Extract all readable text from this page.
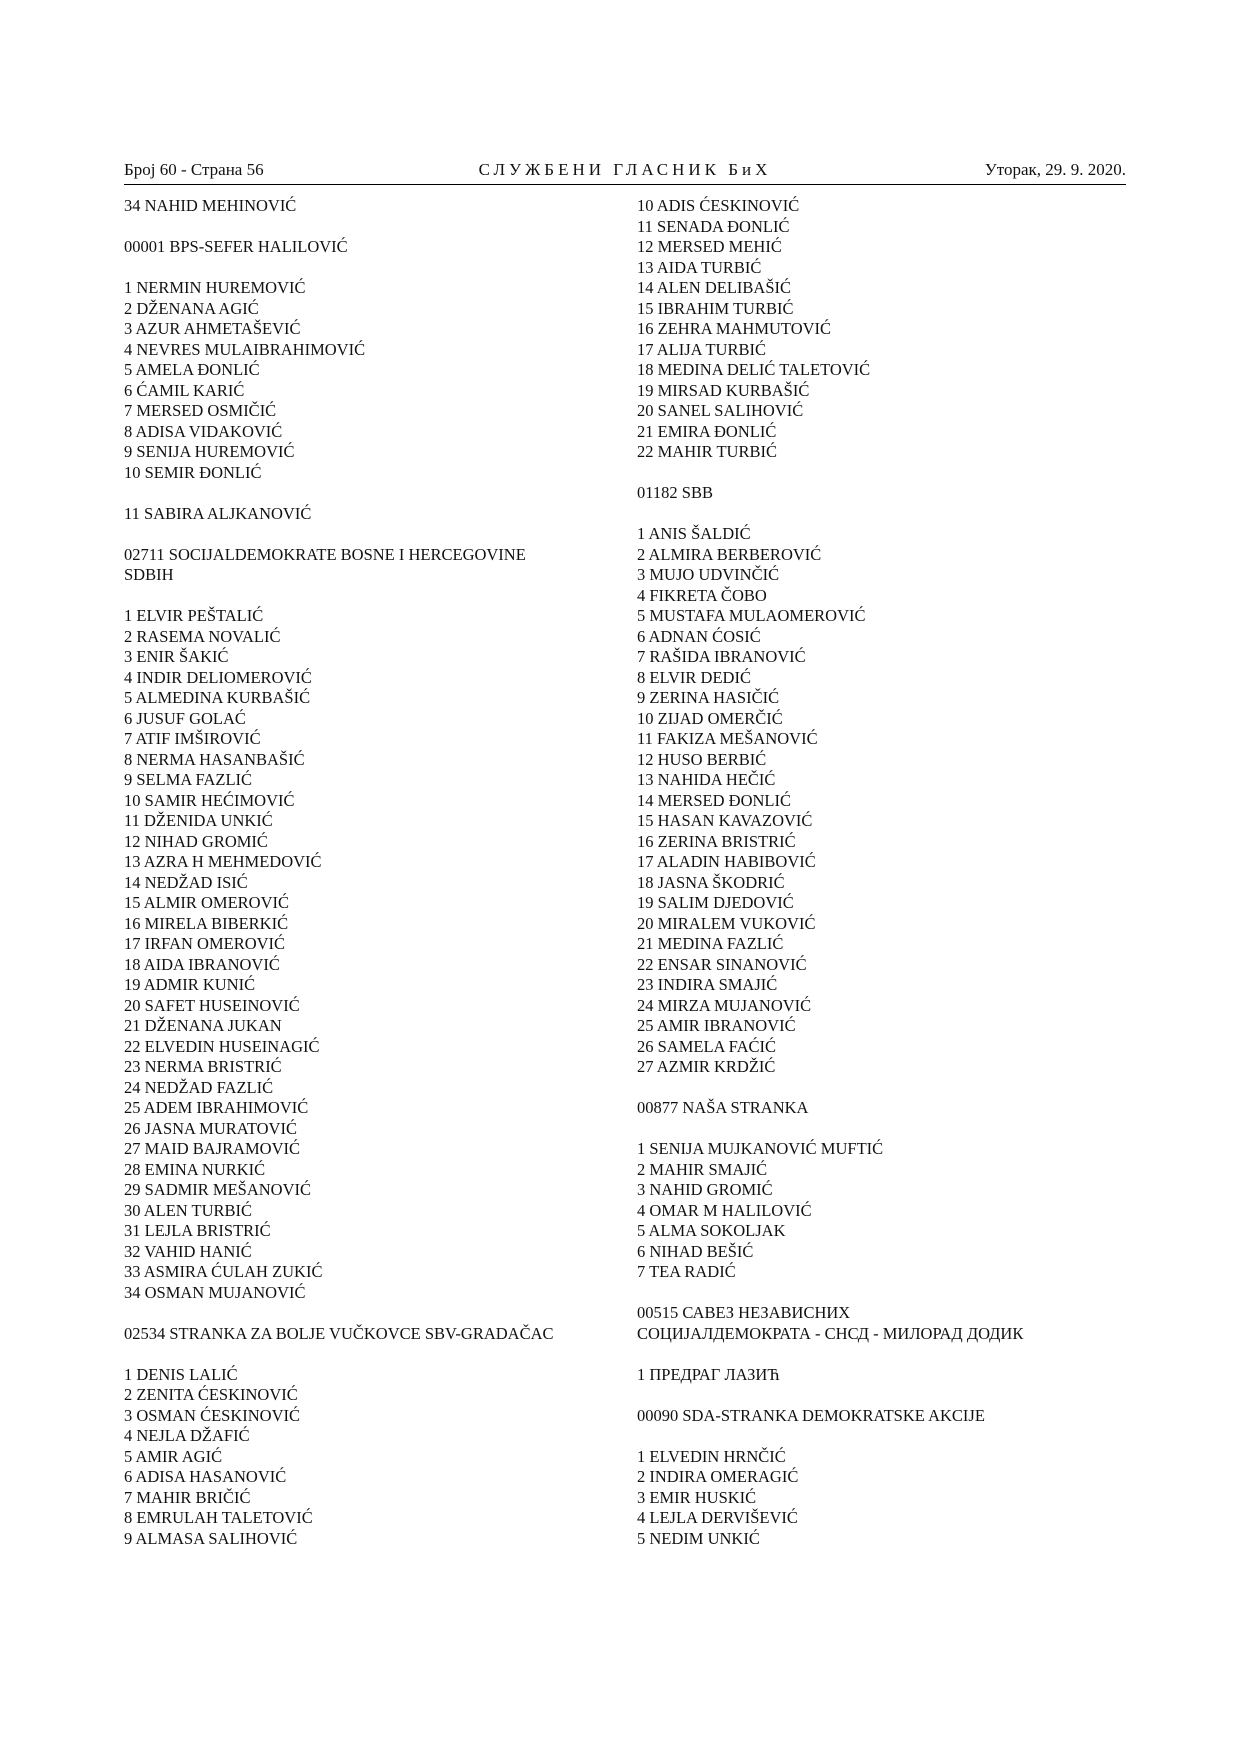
Број 60 - Страна 56	СЛУЖБЕНИ ГЛАСНИК БиХ	Уторак, 29. 9. 2020.
34 NAHID MEHINOVIĆ
00001 BPS-SEFER HALILOVIĆ
1 NERMIN HUREMOVIĆ
2 DŽENANA AGIĆ
3 AZUR AHMETAŠEVIĆ
4 NEVRES MULAIBRAHIMOVIĆ
5 AMELA ĐONLIĆ
6 ĆAMIL KARIĆ
7 MERSED OSMIČIĆ
8 ADISA VIDAKOVIĆ
9 SENIJA HUREMOVIĆ
10 SEMIR ĐONLIĆ
11 SABIRA ALJKANOVIĆ
02711 SOCIJALDEMOKRATE BOSNE I HERCEGOVINE
SDBIH
1 ELVIR PEŠTALIĆ
2 RASEMA NOVALIĆ
3 ENIR ŠAKIĆ
4 INDIR DELIOMEROVIĆ
5 ALMEDINA KURBAŠIĆ
6 JUSUF GOLAĆ
7 ATIF IMŠIROVIĆ
8 NERMA HASANBAŠIĆ
9 SELMA FAZLIĆ
10 SAMIR HEĆIMOVIĆ
11 DŽENIDA UNKIĆ
12 NIHAD GROMIĆ
13 AZRA H MEHMEDOVIĆ
14 NEDŽAD ISIĆ
15 ALMIR OMEROVIĆ
16 MIRELA BIBERKIĆ
17 IRFAN OMEROVIĆ
18 AIDA IBRANOVIĆ
19 ADMIR KUNIĆ
20 SAFET HUSEINOVIĆ
21 DŽENANA JUKAN
22 ELVEDIN HUSEINAGIĆ
23 NERMA BRISTRIĆ
24 NEDŽAD FAZLIĆ
25 ADEM IBRAHIMOVIĆ
26 JASNA MURATOVIĆ
27 MAID BAJRAMOVIĆ
28 EMINA NURKIĆ
29 SADMIR MEŠANOVIĆ
30 ALEN TURBIĆ
31 LEJLA BRISTRIĆ
32 VAHID HANIĆ
33 ASMIRA ĆULAH ZUKIĆ
34 OSMAN MUJANOVIĆ
02534 STRANKA ZA BOLJE VUČKOVCE SBV-GRADAČAC
1 DENIS LALIĆ
2 ZENITA ĆESKINOVIĆ
3 OSMAN ĆESKINOVIĆ
4 NEJLA DŽAFIĆ
5 AMIR AGIĆ
6 ADISA HASANOVIĆ
7 MAHIR BRIČIĆ
8 EMRULAH TALETOVIĆ
9 ALMASA SALIHOVIĆ
10 ADIS ĆESKINOVIĆ
11 SENADA ĐONLIĆ
12 MERSED MEHIĆ
13 AIDA TURBIĆ
14 ALEN DELIBAŠIĆ
15 IBRAHIM TURBIĆ
16 ZEHRA MAHMUTOVIĆ
17 ALIJA TURBIĆ
18 MEDINA DELIĆ TALETOVIĆ
19 MIRSAD KURBAŠIĆ
20 SANEL SALIHOVIĆ
21 EMIRA ĐONLIĆ
22 MAHIR TURBIĆ
01182 SBB
1 ANIS ŠALDIĆ
2 ALMIRA BERBEROVIĆ
3 MUJO UDVINČIĆ
4 FIKRETA ČOBO
5 MUSTAFA MULAOMEROVIĆ
6 ADNAN ĆOSIĆ
7 RAŠIDA IBRANOVIĆ
8 ELVIR DEDIĆ
9 ZERINA HASIČIĆ
10 ZIJAD OMERČIĆ
11 FAKIZA MEŠANOVIĆ
12 HUSO BERBIĆ
13 NAHIDA HEČIĆ
14 MERSED ĐONLIĆ
15 HASAN KAVAZOVIĆ
16 ZERINA BRISTRIĆ
17 ALADIN HABIBOVIĆ
18 JASNA ŠKODRIĆ
19 SALIM DJEDOVIĆ
20 MIRALEM VUKOVIĆ
21 MEDINA FAZLIĆ
22 ENSAR SINANOVIĆ
23 INDIRA SMAJIĆ
24 MIRZA MUJANOVIĆ
25 AMIR IBRANOVIĆ
26 SAMELA FAĆIĆ
27 AZMIR KRDŽIĆ
00877 NAŠA STRANKA
1 SENIJA MUJKANOVIĆ MUFTIĆ
2 MAHIR SMAJIĆ
3 NAHID GROMIĆ
4 OMAR M HALILOVIĆ
5 ALMA SOKOLJAK
6 NIHAD BEŠIĆ
7 TEA RADIĆ
00515 САВЕЗ НЕЗАВИСНИХ
СОЦИЈАЛДЕМОКРАТА - СНСД - МИЛОРАД ДОДИК
1 ПРЕДРАГ ЛАЗИЋ
00090 SDA-STRANKA DEMOKRATSKE AKCIJE
1 ELVEDIN HRNČIĆ
2 INDIRA OMERAGIĆ
3 EMIR HUSKIĆ
4 LEJLA DERVIŠEVIĆ
5 NEDIM UNKIĆ
